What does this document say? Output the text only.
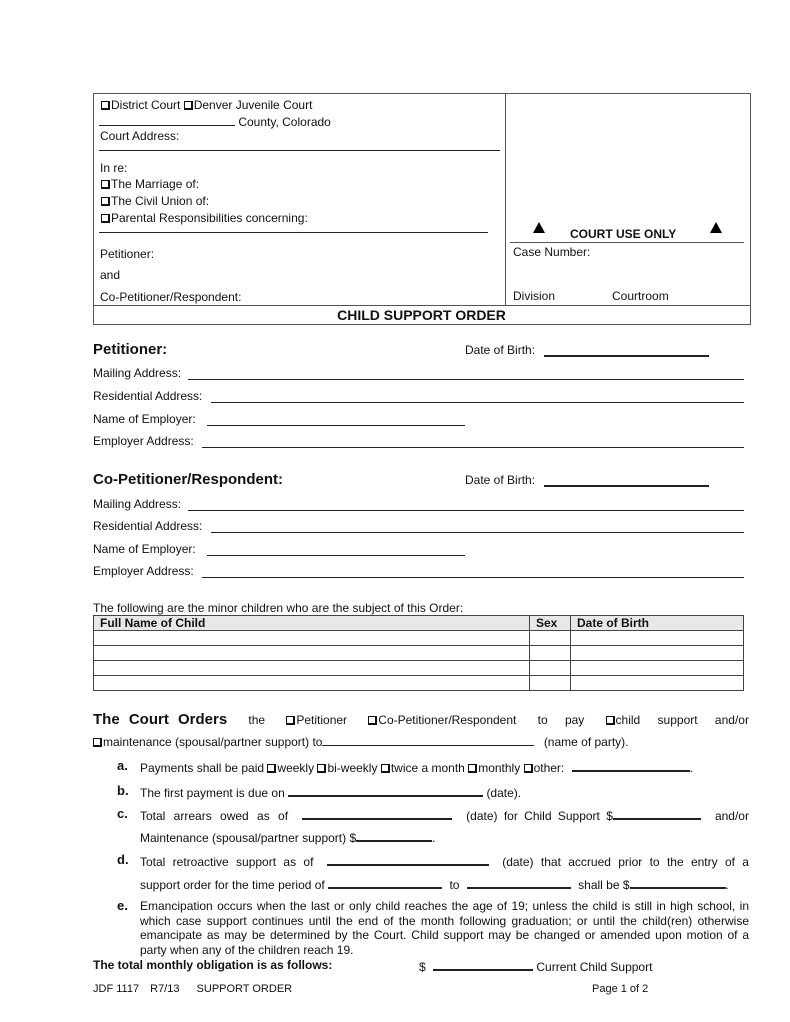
District Court Denver Juvenile Court
County, Colorado
Court Address:
In re:
The Marriage of:
The Civil Union of:
Parental Responsibilities concerning:
Petitioner:
and
Co-Petitioner/Respondent:
COURT USE ONLY
Case Number:
Division	Courtroom
CHILD SUPPORT ORDER
Petitioner:	Date of Birth:
Mailing Address:
Residential Address:
Name of Employer:
Employer Address:
Co-Petitioner/Respondent:	Date of Birth:
Mailing Address:
Residential Address:
Name of Employer:
Employer Address:
The following are the minor children who are the subject of this Order:
Full Name of Child	Sex	Date of Birth

The Court Orders the	Petitioner	Co-Petitioner/Respondent to pay	child support and/or
maintenance (spousal/partner support) to	(name of party).
a. Payments shall be paid weekly bi-weekly twice a month monthly other:	.
b. The first payment is due on	(date).
c. Total arrears owed as of	(date) for Child Support $	and/or
Maintenance (spousal/partner support) $	.
d. Total retroactive support as of	(date) that accrued prior to the entry of a
support order for the time period of	to	shall be $	.
e. Emancipation occurs when the last or only child reaches the age of 19; unless the child is still in high school, in which case support continues until the end of the month following graduation; or until the child(ren) otherwise emancipate as may be determined by the Court. Child support may be changed or amended upon motion of a party when any of the children reach 19.
The total monthly obligation is as follows:	$	Current Child Support
JDF 1117 R7/13 SUPPORT ORDER	Page 1 of 2
